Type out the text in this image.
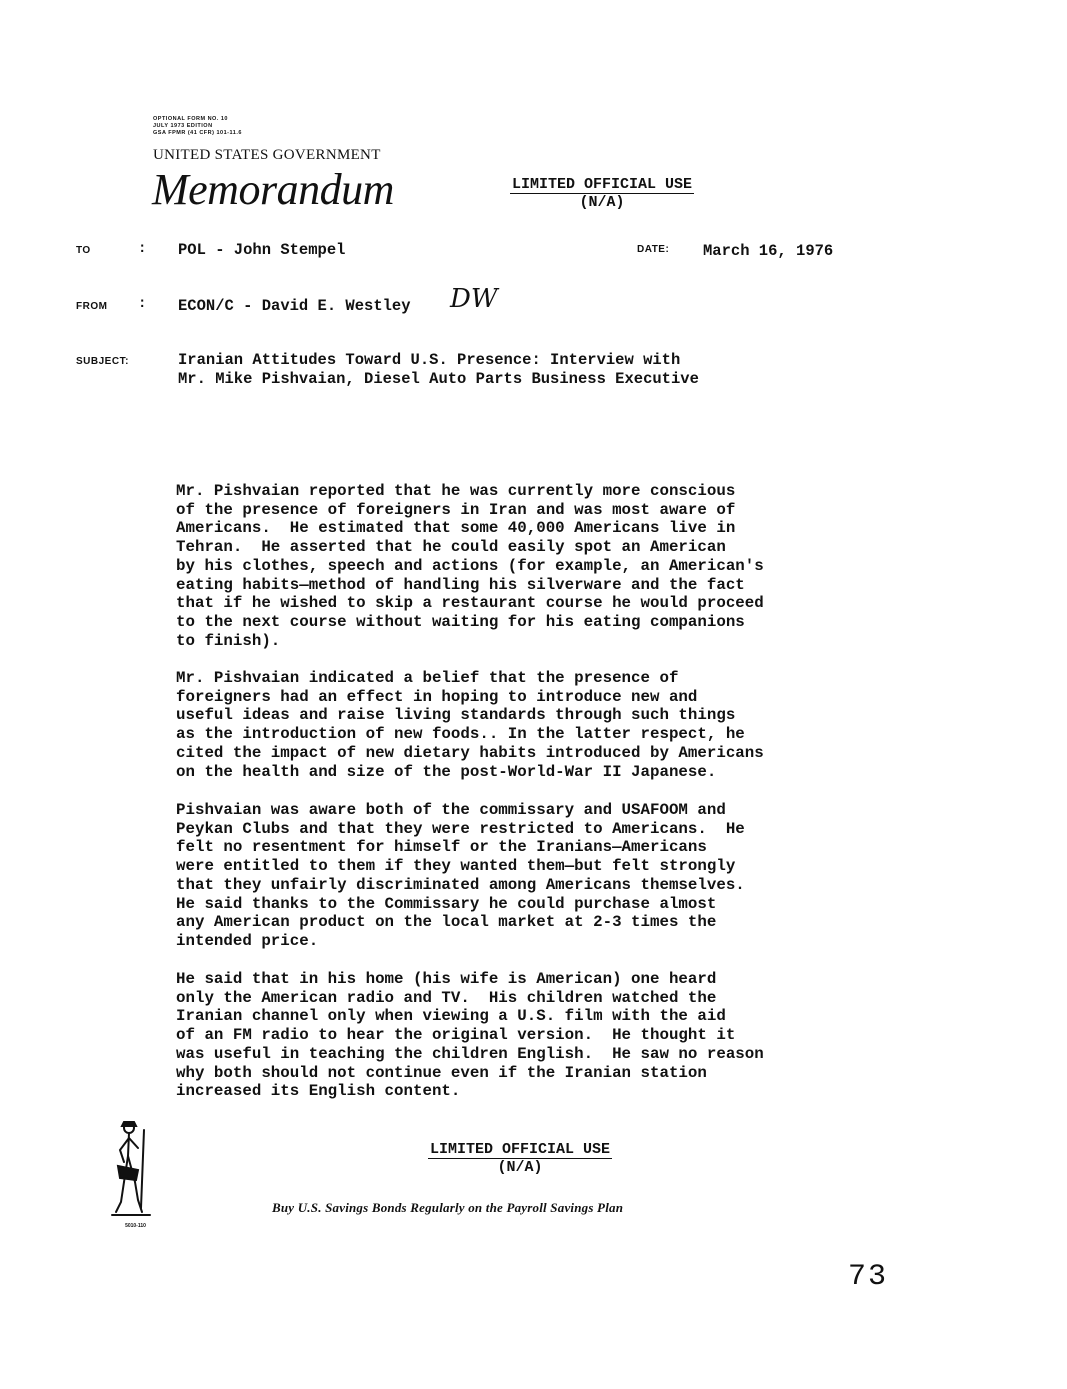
OPTIONAL FORM NO. 10
JULY 1973 EDITION
GSA FPMR (41 CFR) 101-11.6
UNITED STATES GOVERNMENT
Memorandum	LIMITED OFFICIAL USE
(N/A)
TO	: POL - John Stempel	DATE: March 16, 1976
FROM : ECON/C - David E. Westley DW
SUBJECT:	Iranian Attitudes Toward U.S. Presence: Interview with
Mr. Mike Pishvaian, Diesel Auto Parts Business Executive

Mr. Pishvaian reported that he was currently more conscious
of the presence of foreigners in Iran and was most aware of
Americans.  He estimated that some 40,000 Americans live in
Tehran.  He asserted that he could easily spot an American
by his clothes, speech and actions (for example, an American's
eating habits—method of handling his silverware and the fact
that if he wished to skip a restaurant course he would proceed
to the next course without waiting for his eating companions
to finish).

Mr. Pishvaian indicated a belief that the presence of
foreigners had an effect in hoping to introduce new and
useful ideas and raise living standards through such things
as the introduction of new foods.. In the latter respect, he
cited the impact of new dietary habits introduced by Americans
on the health and size of the post-World-War II Japanese.

Pishvaian was aware both of the commissary and USAFOOM and
Peykan Clubs and that they were restricted to Americans.  He
felt no resentment for himself or the Iranians—Americans
were entitled to them if they wanted them—but felt strongly
that they unfairly discriminated among Americans themselves.
He said thanks to the Commissary he could purchase almost
any American product on the local market at 2-3 times the
intended price.

He said that in his home (his wife is American) one heard
only the American radio and TV.  His children watched the
Iranian channel only when viewing a U.S. film with the aid
of an FM radio to hear the original version.  He thought it
was useful in teaching the children English.  He saw no reason
why both should not continue even if the Iranian station
increased its English content.

5010-110
LIMITED OFFICIAL USE
(N/A)
Buy U.S. Savings Bonds Regularly on the Payroll Savings Plan
73
